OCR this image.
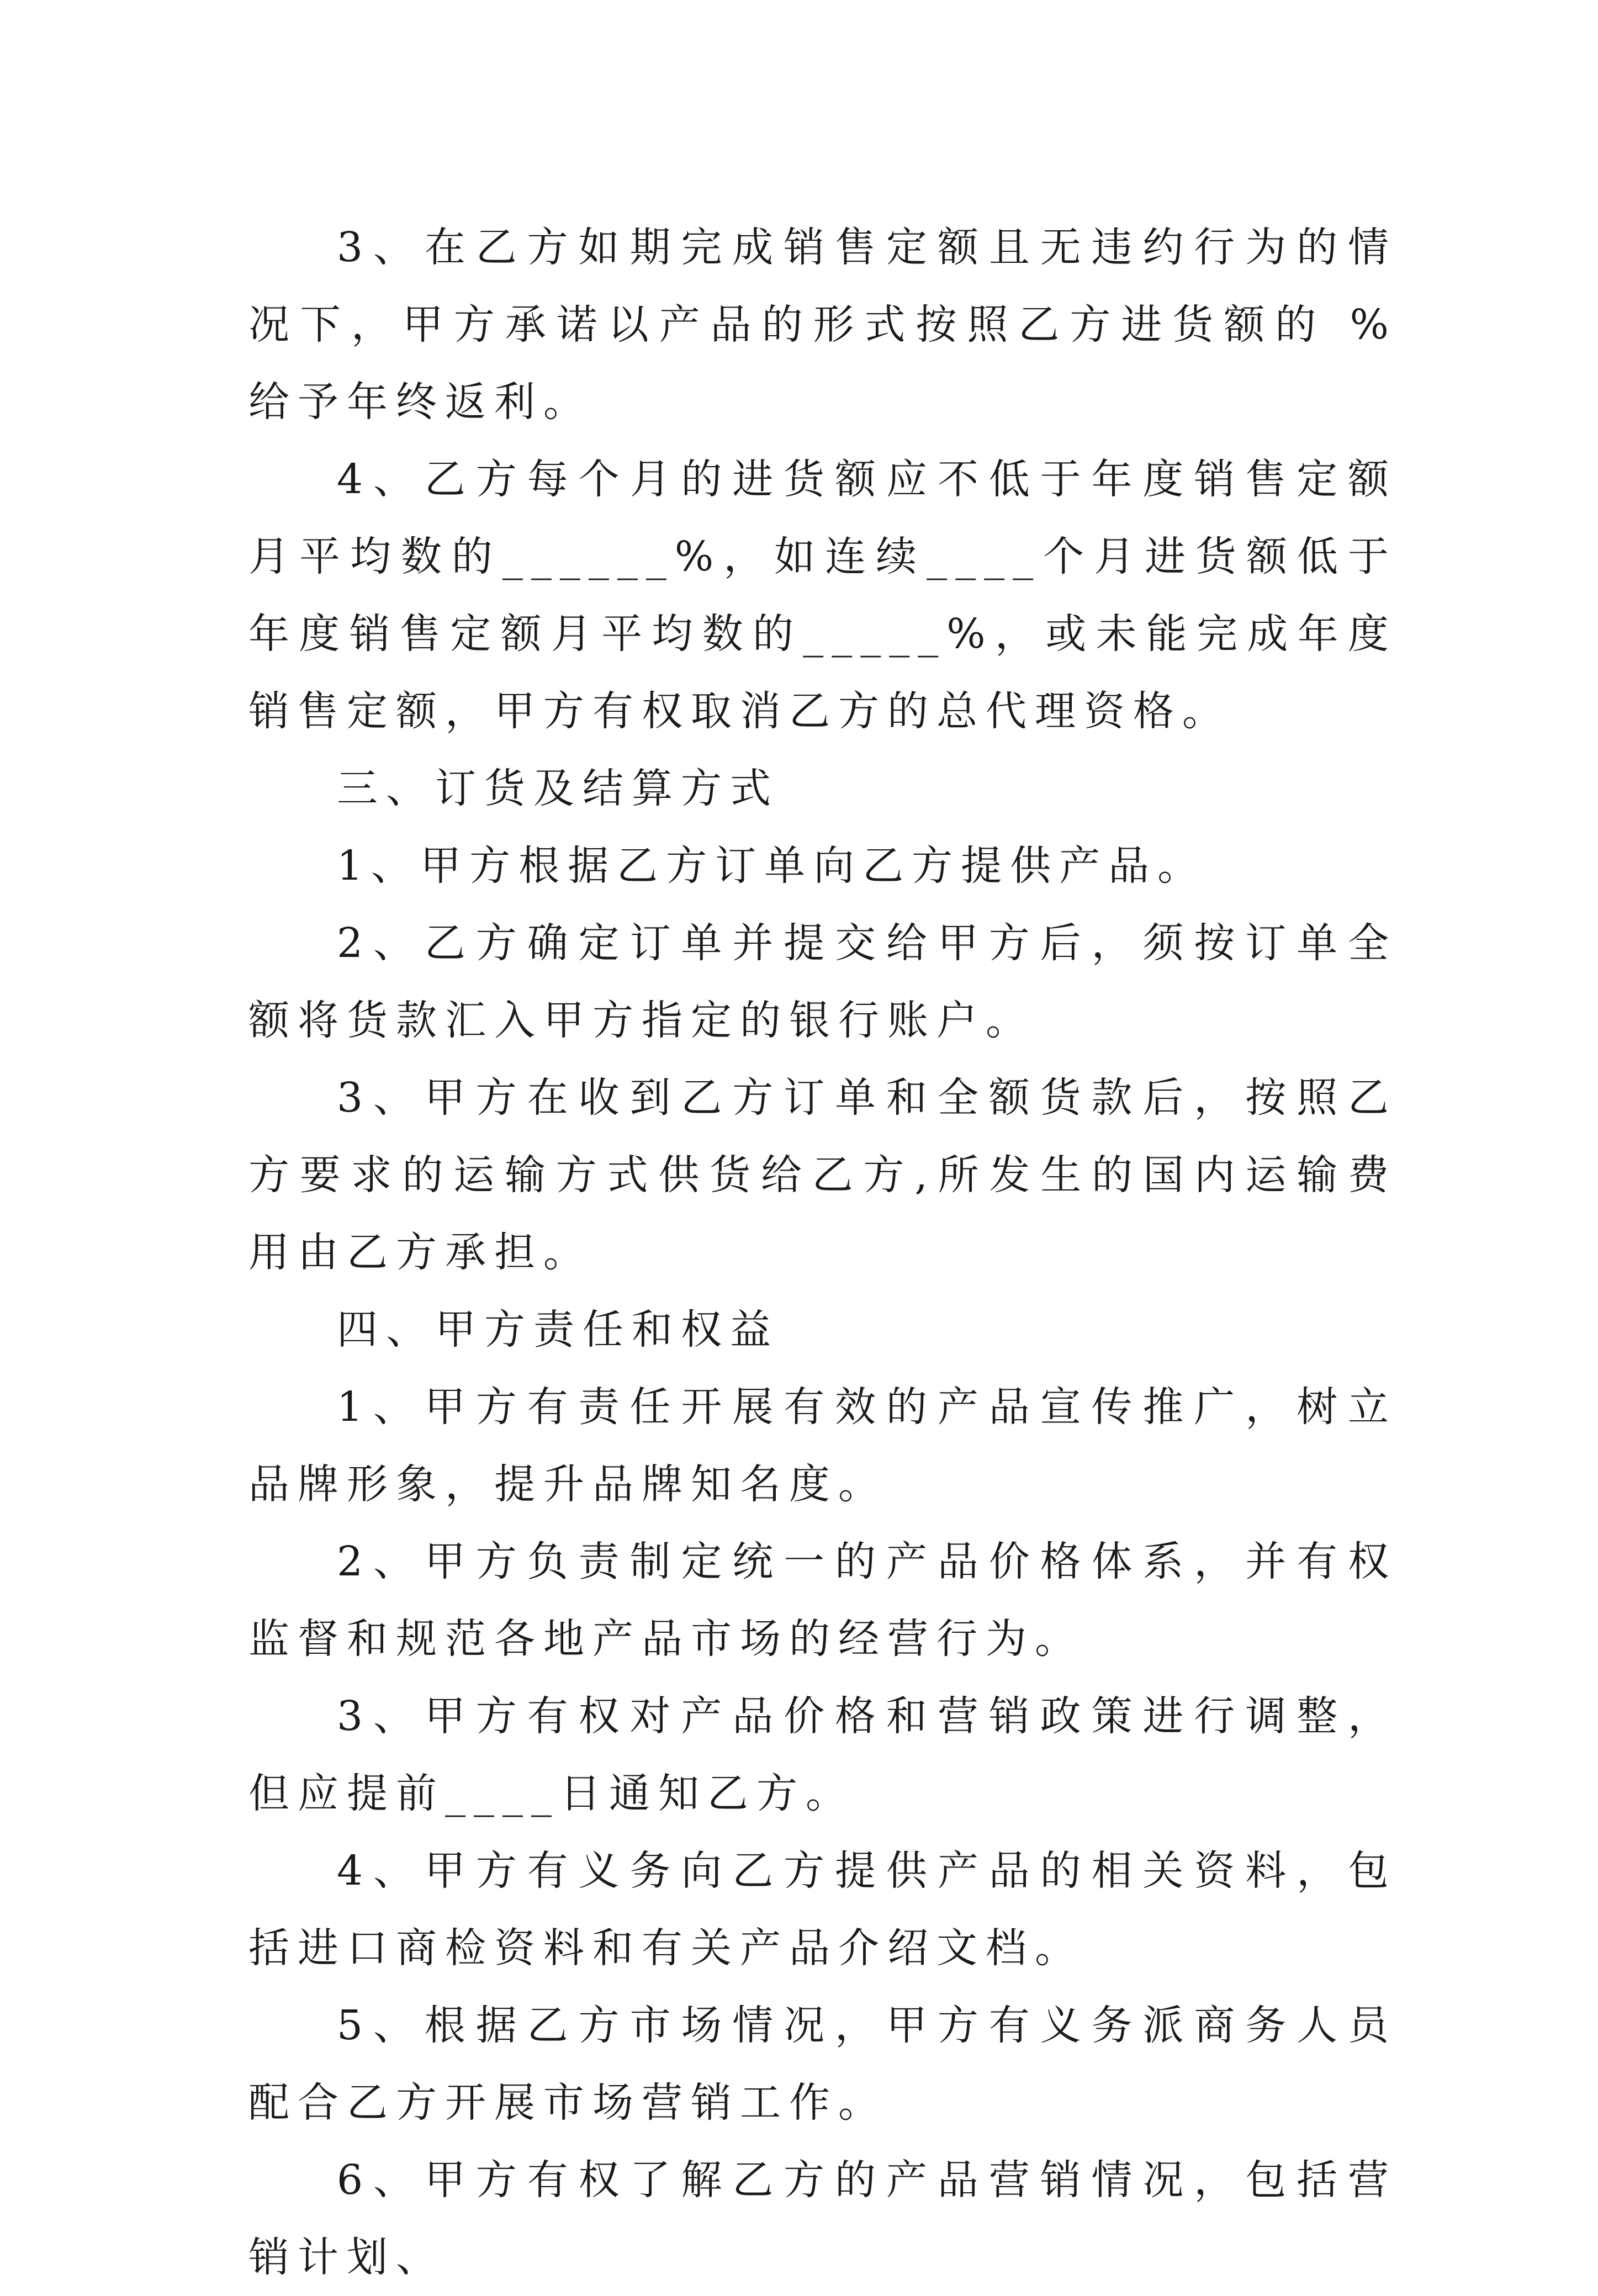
3、在乙方如期完成销售定额且无违约行为的情况下，甲方承诺以产品的形式按照乙方进货额的 %给予年终返利。

4、乙方每个月的进货额应不低于年度销售定额月平均数的______%，如连续____个月进货额低于年度销售定额月平均数的_____%，或未能完成年度销售定额，甲方有权取消乙方的总代理资格。

三、订货及结算方式

1、甲方根据乙方订单向乙方提供产品。

2、乙方确定订单并提交给甲方后，须按订单全额将货款汇入甲方指定的银行账户。

3、甲方在收到乙方订单和全额货款后，按照乙方要求的运输方式供货给乙方,所发生的国内运输费用由乙方承担。

四、甲方责任和权益

1、甲方有责任开展有效的产品宣传推广，树立品牌形象，提升品牌知名度。

2、甲方负责制定统一的产品价格体系，并有权监督和规范各地产品市场的经营行为。

3、甲方有权对产品价格和营销政策进行调整，但应提前____日通知乙方。

4、甲方有义务向乙方提供产品的相关资料，包括进口商检资料和有关产品介绍文档。

5、根据乙方市场情况，甲方有义务派商务人员配合乙方开展市场营销工作。

6、甲方有权了解乙方的产品营销情况，包括营销计划、
